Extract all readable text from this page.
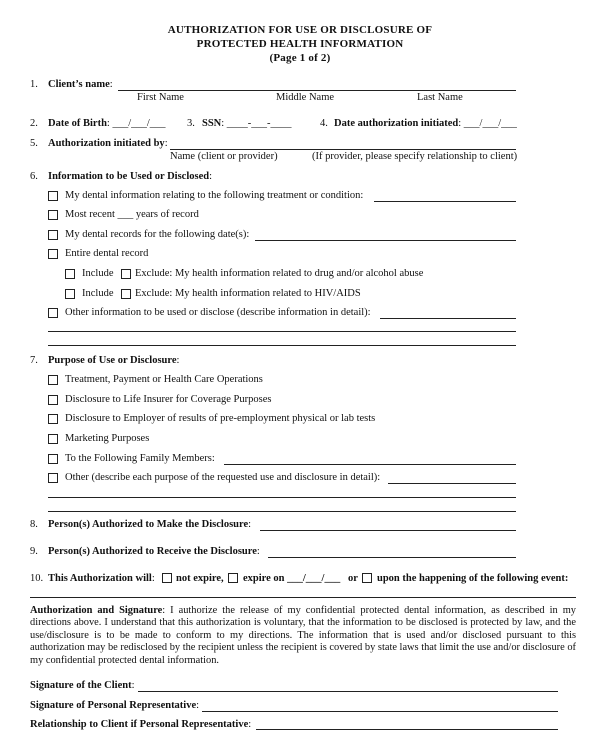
AUTHORIZATION FOR USE OR DISCLOSURE OF
PROTECTED HEALTH INFORMATION
(Page 1 of 2)
1. Client’s name:
First Name	Middle Name	Last Name
2. Date of Birth: ___/___/___ 3. SSN: ____-___-____	4. Date authorization initiated: ___/___/___
5. Authorization initiated by:
Name (client or provider)	(If provider, please specify relationship to client)
6. Information to be Used or Disclosed:
My dental information relating to the following treatment or condition:
Most recent ___ years of record
My dental records for the following date(s):
Entire dental record
Include Exclude: My health information related to drug and/or alcohol abuse
Include Exclude: My health information related to HIV/AIDS
Other information to be used or disclose (describe information in detail):
7. Purpose of Use or Disclosure:
Treatment, Payment or Health Care Operations
Disclosure to Life Insurer for Coverage Purposes
Disclosure to Employer of results of pre-employment physical or lab tests
Marketing Purposes
To the Following Family Members:
Other (describe each purpose of the requested use and disclosure in detail):
8. Person(s) Authorized to Make the Disclosure:
9. Person(s) Authorized to Receive the Disclosure:
10. This Authorization will: not expire, expire on ___/___/___ or upon the happening of the following event:
Authorization and Signature: I authorize the release of my confidential protected dental information, as described in my directions above. I understand that this authorization is voluntary, that the information to be disclosed is protected by law, and the use/disclosure is to be made to conform to my directions. The information that is used and/or disclosed pursuant to this authorization may be redisclosed by the recipient unless the recipient is covered by state laws that limit the use and/or disclosure of my confidential protected dental information.
Signature of the Client:
Signature of Personal Representative:
Relationship to Client if Personal Representative:
